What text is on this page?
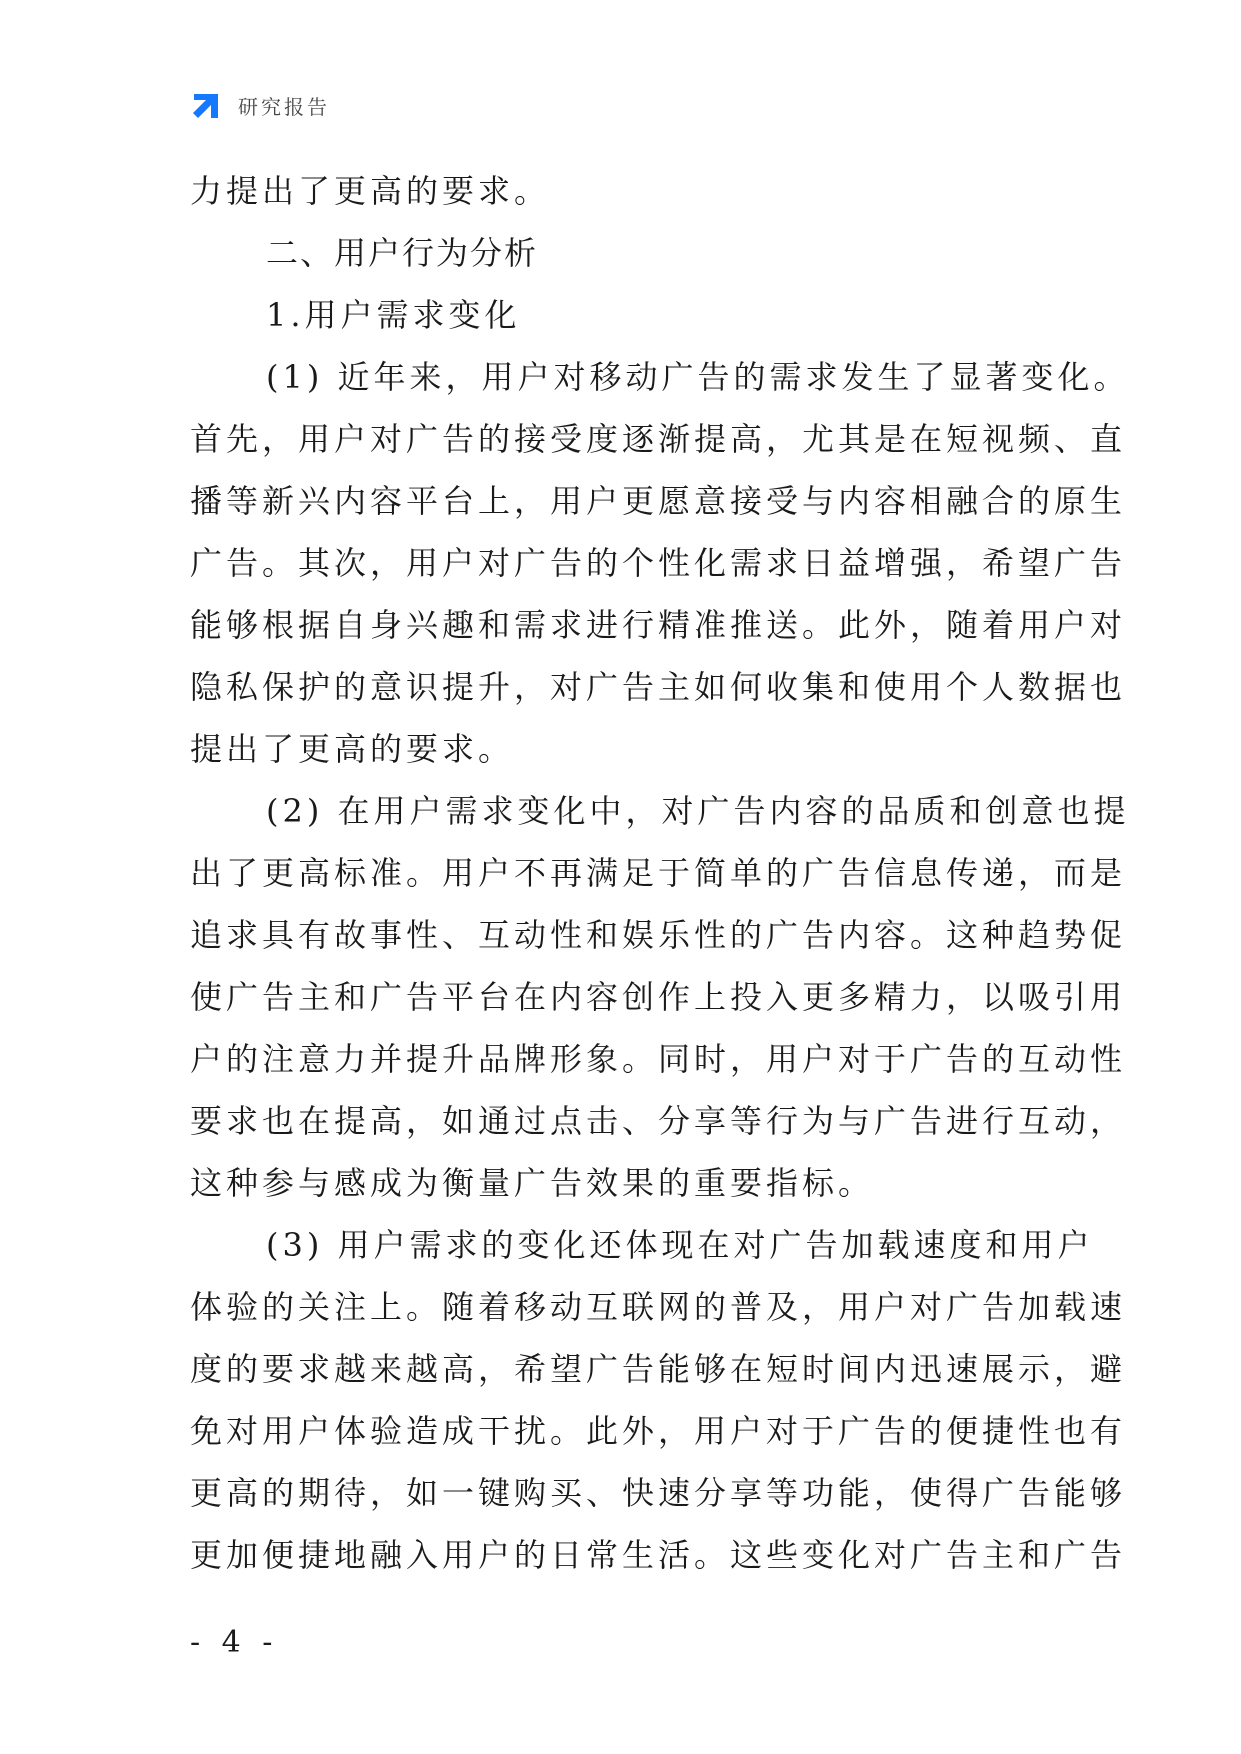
研究报告

力提出了更高的要求。

二、用户行为分析

1.用户需求变化

(1) 近年来，用户对移动广告的需求发生了显著变化。

首先，用户对广告的接受度逐渐提高，尤其是在短视频、直

播等新兴内容平台上，用户更愿意接受与内容相融合的原生

广告。其次，用户对广告的个性化需求日益增强，希望广告

能够根据自身兴趣和需求进行精准推送。此外，随着用户对

隐私保护的意识提升，对广告主如何收集和使用个人数据也

提出了更高的要求。

(2) 在用户需求变化中，对广告内容的品质和创意也提

出了更高标准。用户不再满足于简单的广告信息传递，而是

追求具有故事性、互动性和娱乐性的广告内容。这种趋势促

使广告主和广告平台在内容创作上投入更多精力，以吸引用

户的注意力并提升品牌形象。同时，用户对于广告的互动性

要求也在提高，如通过点击、分享等行为与广告进行互动，

这种参与感成为衡量广告效果的重要指标。

(3) 用户需求的变化还体现在对广告加载速度和用户

体验的关注上。随着移动互联网的普及，用户对广告加载速

度的要求越来越高，希望广告能够在短时间内迅速展示，避

免对用户体验造成干扰。此外，用户对于广告的便捷性也有

更高的期待，如一键购买、快速分享等功能，使得广告能够

更加便捷地融入用户的日常生活。这些变化对广告主和广告

- 4 -
